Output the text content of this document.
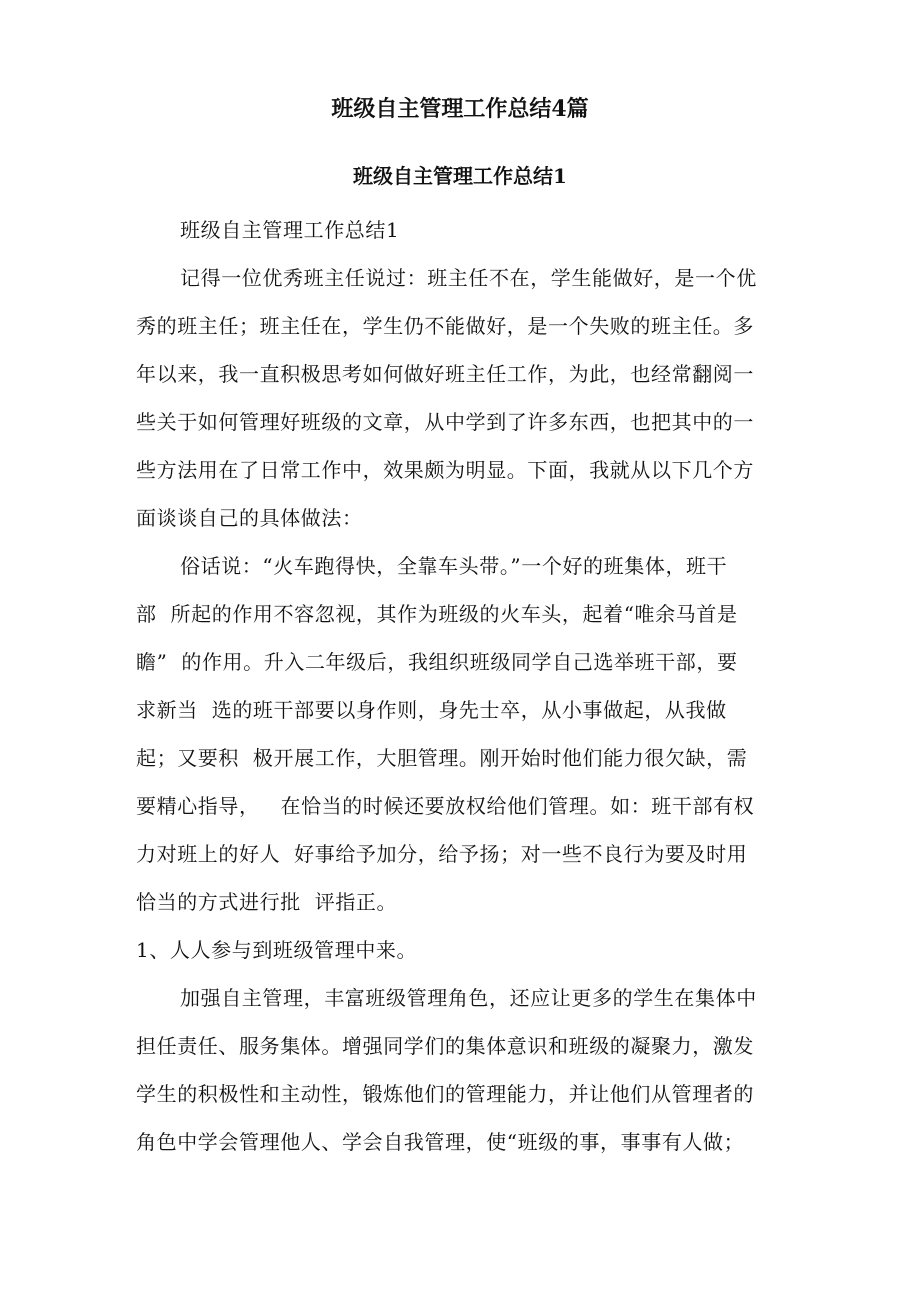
班级自主管理工作总结4篇
班级自主管理工作总结1

班级自主管理工作总结1

记得一位优秀班主任说过：班主任不在，学生能做好，是一个优

秀的班主任；班主任在，学生仍不能做好，是一个失败的班主任。多

年以来，我一直积极思考如何做好班主任工作，为此，也经常翻阅一

些关于如何管理好班级的文章，从中学到了许多东西，也把其中的一

些方法用在了日常工作中，效果颇为明显。下面，我就从以下几个方

面谈谈自己的具体做法：

俗话说：“火车跑得快，全靠车头带。”一个好的班集体，班干

部  所起的作用不容忽视，其作为班级的火车头，起着“唯余马首是

瞻”  的作用。升入二年级后，我组织班级同学自己选举班干部，要

求新当  选的班干部要以身作则，身先士卒，从小事做起，从我做

起；又要积  极开展工作，大胆管理。刚开始时他们能力很欠缺，需

要精心指导，   在恰当的时候还要放权给他们管理。如：班干部有权

力对班上的好人  好事给予加分，给予扬；对一些不良行为要及时用

恰当的方式进行批  评指正。

1、人人参与到班级管理中来。

加强自主管理，丰富班级管理角色，还应让更多的学生在集体中

担任责任、服务集体。增强同学们的集体意识和班级的凝聚力，激发

学生的积极性和主动性，锻炼他们的管理能力，并让他们从管理者的

角色中学会管理他人、学会自我管理，使“班级的事，事事有人做；
